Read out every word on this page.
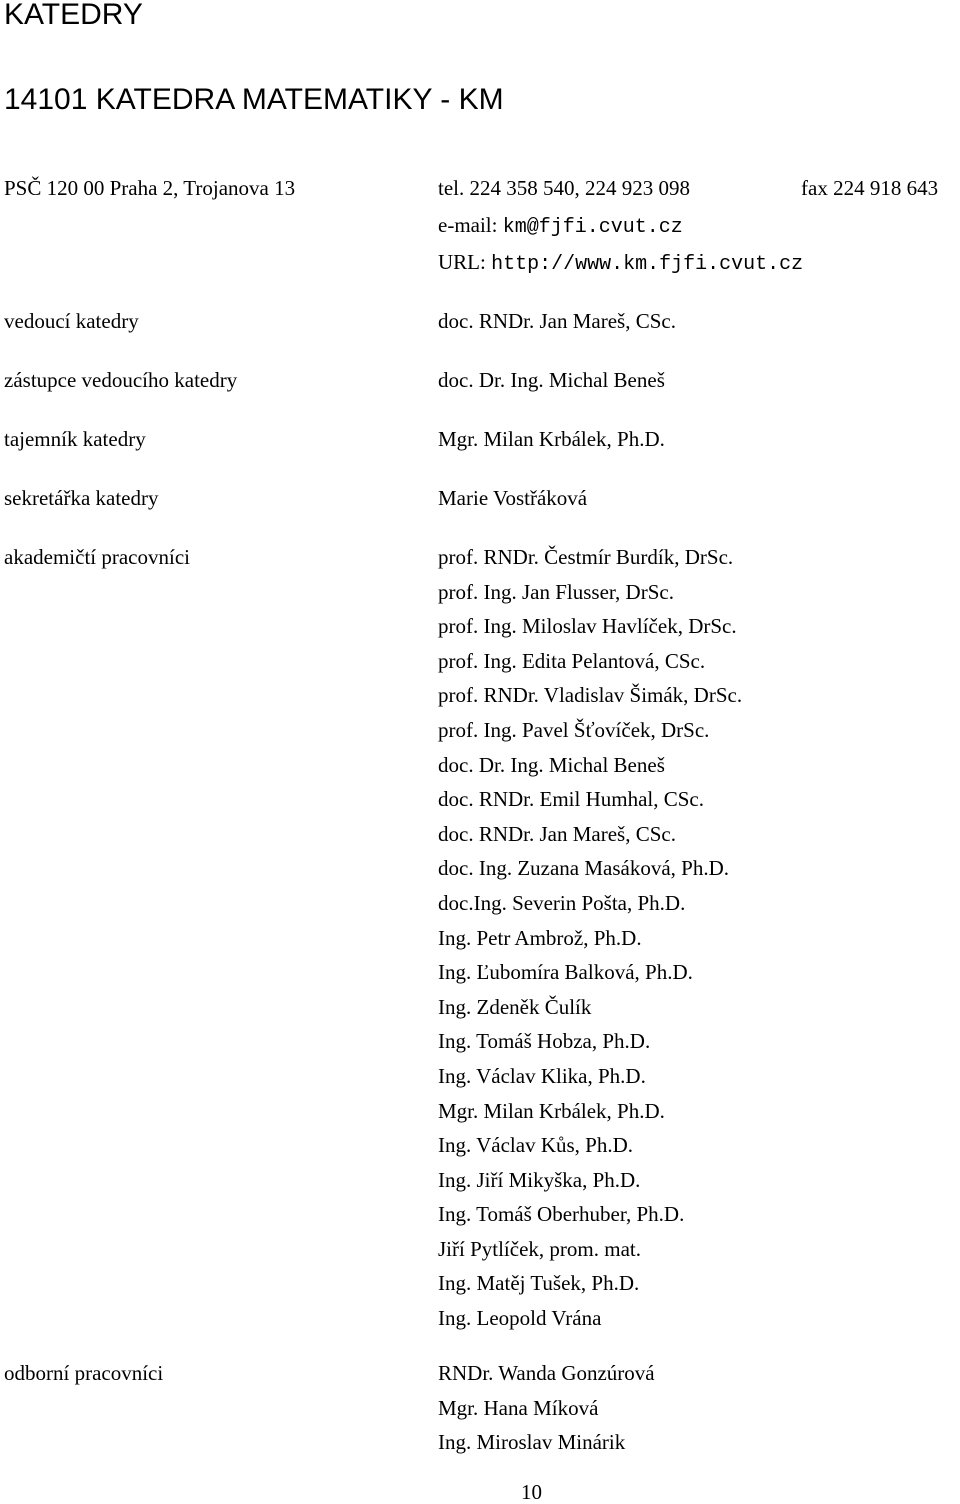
KATEDRY
14101 KATEDRA MATEMATIKY - KM
PSČ 120 00 Praha 2, Trojanova 13	tel. 224 358 540, 224 923 098	fax 224 918 643
e-mail: km@fjfi.cvut.cz
URL: http://www.km.fjfi.cvut.cz
vedoucí katedry	doc. RNDr. Jan Mareš, CSc.
zástupce vedoucího katedry	doc. Dr. Ing. Michal Beneš
tajemník katedry	Mgr. Milan Krbálek, Ph.D.
sekretářka katedry	Marie Vostřáková
akademičtí pracovníci	prof. RNDr. Čestmír Burdík, DrSc.
prof. Ing. Jan Flusser, DrSc.
prof. Ing. Miloslav Havlíček, DrSc.
prof. Ing. Edita Pelantová, CSc.
prof. RNDr. Vladislav Šimák, DrSc.
prof. Ing. Pavel Šťovíček, DrSc.
doc. Dr. Ing. Michal Beneš
doc. RNDr. Emil Humhal, CSc.
doc. RNDr. Jan Mareš, CSc.
doc. Ing. Zuzana Masáková, Ph.D.
doc.Ing. Severin Pošta, Ph.D.
Ing. Petr Ambrož, Ph.D.
Ing. Ľubomíra Balková, Ph.D.
Ing. Zdeněk Čulík
Ing. Tomáš Hobza, Ph.D.
Ing. Václav Klika, Ph.D.
Mgr. Milan Krbálek, Ph.D.
Ing. Václav Kůs, Ph.D.
Ing. Jiří Mikyška, Ph.D.
Ing. Tomáš Oberhuber, Ph.D.
Jiří Pytlíček, prom. mat.
Ing. Matěj Tušek, Ph.D.
Ing. Leopold Vrána
odborní pracovníci	RNDr. Wanda Gonzúrová
Mgr. Hana Míková
Ing. Miroslav Minárik
10
